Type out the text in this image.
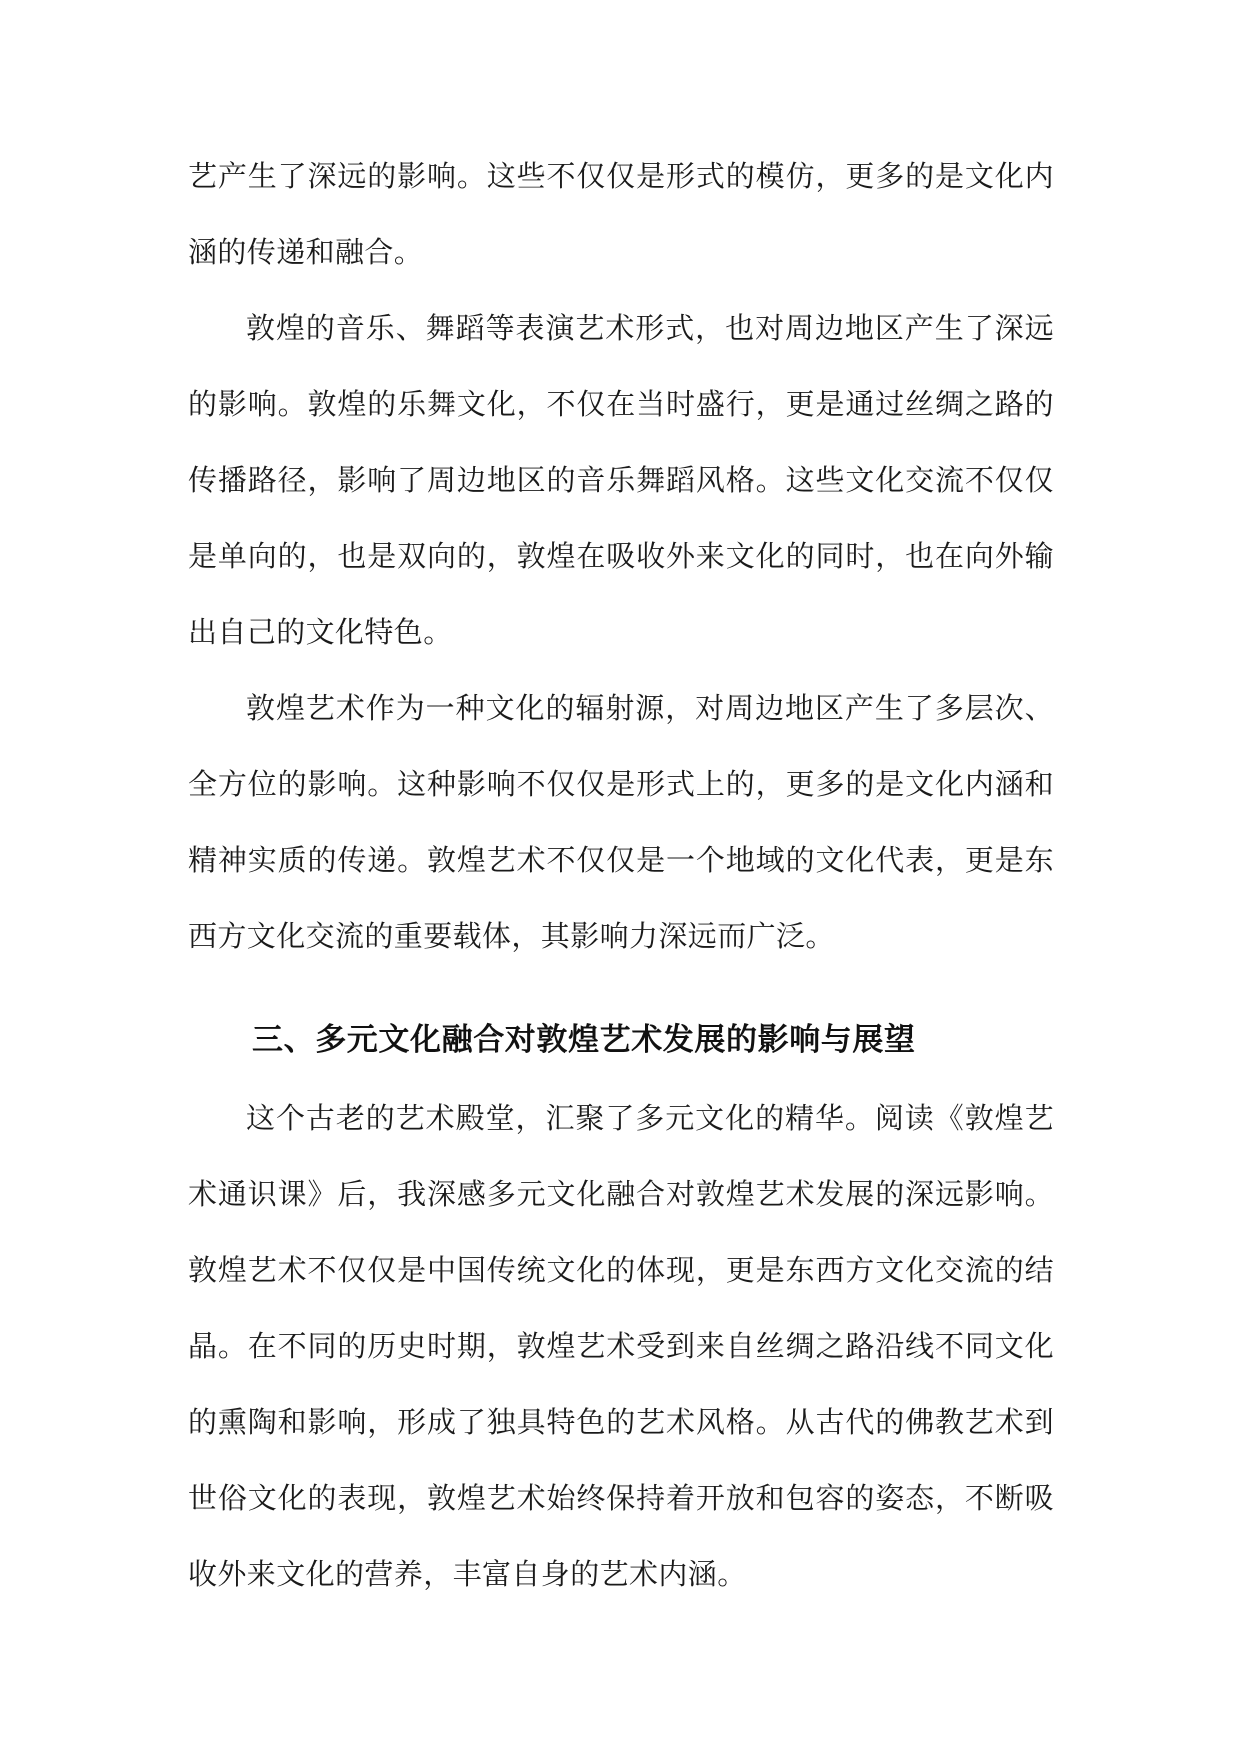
艺产生了深远的影响。这些不仅仅是形式的模仿，更多的是文化内涵的传递和融合。

敦煌的音乐、舞蹈等表演艺术形式，也对周边地区产生了深远的影响。敦煌的乐舞文化，不仅在当时盛行，更是通过丝绸之路的传播路径，影响了周边地区的音乐舞蹈风格。这些文化交流不仅仅是单向的，也是双向的，敦煌在吸收外来文化的同时，也在向外输出自己的文化特色。

敦煌艺术作为一种文化的辐射源，对周边地区产生了多层次、全方位的影响。这种影响不仅仅是形式上的，更多的是文化内涵和精神实质的传递。敦煌艺术不仅仅是一个地域的文化代表，更是东西方文化交流的重要载体，其影响力深远而广泛。

三、多元文化融合对敦煌艺术发展的影响与展望

这个古老的艺术殿堂，汇聚了多元文化的精华。阅读《敦煌艺术通识课》后，我深感多元文化融合对敦煌艺术发展的深远影响。敦煌艺术不仅仅是中国传统文化的体现，更是东西方文化交流的结晶。在不同的历史时期，敦煌艺术受到来自丝绸之路沿线不同文化的熏陶和影响，形成了独具特色的艺术风格。从古代的佛教艺术到世俗文化的表现，敦煌艺术始终保持着开放和包容的姿态，不断吸收外来文化的营养，丰富自身的艺术内涵。
